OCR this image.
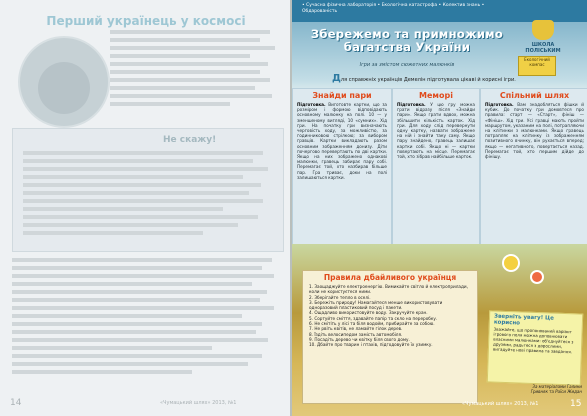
Перший українець у космосі
Не скажу!
14	«Чумацький шлях» 2013, №1
• Сучасна фізична лабораторія • Екологічна катастрофа • Колектив знань • Обдарованість
ШКОЛА ПОЛІСЬКИМ
Екологічний компас
Збережемо та примножимо багатства України
Ігри за змістом сюжетних малюнків
Для справжніх українців Демелін підготувала цікаві й корисні ігри.
Знайди пари
Підготовка. Виготовте картки, що за розміром і формою відповідають основному малюнку на полі. 10 — у зменшеному вигляді, 10 «сумних». Хід гри. На початку гри визначають черговість ходу, за можливістю, за годинниковою стрілкою; за вибором гравців. Картки викладають разом основним зображенням донизу. Діти почергово перевертають по дві картки. Якщо на них зображено однакові малюнки, гравець забирає пару собі. Перемагає той, хто назбирав більше пар. Гра триває, доки на полі залишаються картки.
Меморі
Підготовка. У цю гру можна грати відразу після «Знайди пари». Якщо грати вдвох, можна збільшити кількість карток. Хід гри. Для ходу слід перевернути одну картку, назвати зображене на ній і знайти таку саму. Якщо пару знайдено, гравець залишає картки собі. Якщо ні — картки повертають на місце. Перемагає той, хто зібрав найбільше карток.
Спільний шлях
Підготовка. Вам знадобляться фішки й кубик. До початку гри домовтеся про правила: старт — «Старт», фініш — «Фініш». Хід гри. Усі гравці мають пройти маршрутом, указаним на полі, потрапляючи на клітинки з малюнками. Якщо гравець потрапляє на клітинку із зображенням позитивного вчинку, він рухається вперед; якщо — негативного, повертається назад. Перемагає той, хто першим дійде до фінішу.
Правила дбайливого українця
1. Заощаджуйте електроенергію. Вимикайте світло й електроприлади, коли не користуєтеся ними.
2. Зберігайте тепло в оселі.
3. Бережіть природу! Намагайтеся менше використовувати одноразовий пластиковий посуд і пакети.
4. Ощадливо використовуйте воду. Закручуйте кран.
5. Сортуйте сміття, здавайте папір та скло на переробку.
6. Не смітіть у лісі та біля водойм, прибирайте за собою.
7. Не рвіть квітів, не ламайте гілок дерев.
8. Їздіть велосипедом замість автомобіля.
9. Посадіть дерево чи квітку біля свого дому.
10. Дбайте про тварин і птахів, підгодовуйте їх узимку.
Зверніть увагу! Це корисно
Зважайте, що пропонований варіант ігрового поля можна доповнювати власними малюнками: об'єднуйтеся з друзями, радьтеся з дорослими, вигадуйте нові правила та завдання.
За матеріалами Галини Гривняк та Раїси Жидан
«Чумацький шлях» 2013, №1	15
